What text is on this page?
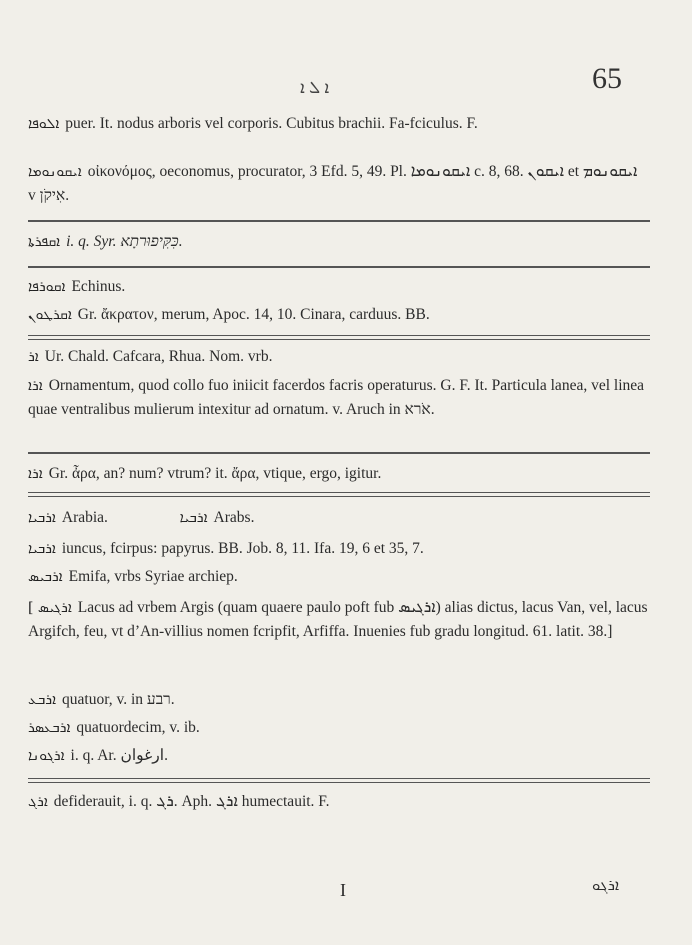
ܐ ܠ ܐ	65
ܐܠܘܦܐ puer. It. nodus arboris vel corporis. Cubitus brachii. Fa-fciculus. F.
ܐܝܩܘܢܘܡܐ οἰκονόμος, oeconomus, procurator, 3 Efd. 5, 49. Pl. ܐܝܩܘܢܘܡܐ c. 8, 68. ܐܝܩܘܢ et ܐܝܩܘܢܘܡ v אִיקֹן.
ܐܩܦܪܬܐ i. q. Syr. כִּקִּיפוּרתָא.
ܐܩܘܪܦܐ Echinus.
ܐܩܪܛܘܢ Gr. ἄκρατον, merum, Apoc. 14, 10. Cinara, carduus. BB.
ܐܪ Ur. Chald. Cafcara, Rhua. Nom. vrb.
ܐܪܐ Ornamentum, quod collo fuo iniicit facerdos facris operaturus. G. F. It. Particula lanea, vel linea quae ventralibus mulierum intexitur ad ornatum. v. Aruch in אֹרא.
ܐܪܐ Gr. ἆρα, an? num? vtrum? it. ἄρα, vtique, ergo, igitur.
ܐܪܒܝܐ Arabia.	ܐܪܒܝܐ Arabs.
ܐܪܒܝܐ iuncus, fcirpus: papyrus. BB. Job. 8, 11. Ifa. 19, 6 et 35, 7.
ܐܪܒܝܣ Emifa, vrbs Syriae archiep.
[ ܐܪܓܝܣ Lacus ad vrbem Argis (quam quaere paulo poft fub ܐܪܓܝܣ) alias dictus, lacus Van, vel, lacus Argifch, feu, vt d’An-villius nomen fcripfit, Arfiffa. Inuenies fub gradu longitud. 61. latit. 38.]
ܐܪܒܥ quatuor, v. in רבע.
ܐܪܒܥܣܪ quatuordecim, v. ib.
ܐܪܓܘܢܐ i. q. Ar. ارغوان.
ܐܪܓ defiderauit, i. q. ܪܓ. Aph. ܐܪܓ humectauit. F.
I	ܐܪܓܘ
